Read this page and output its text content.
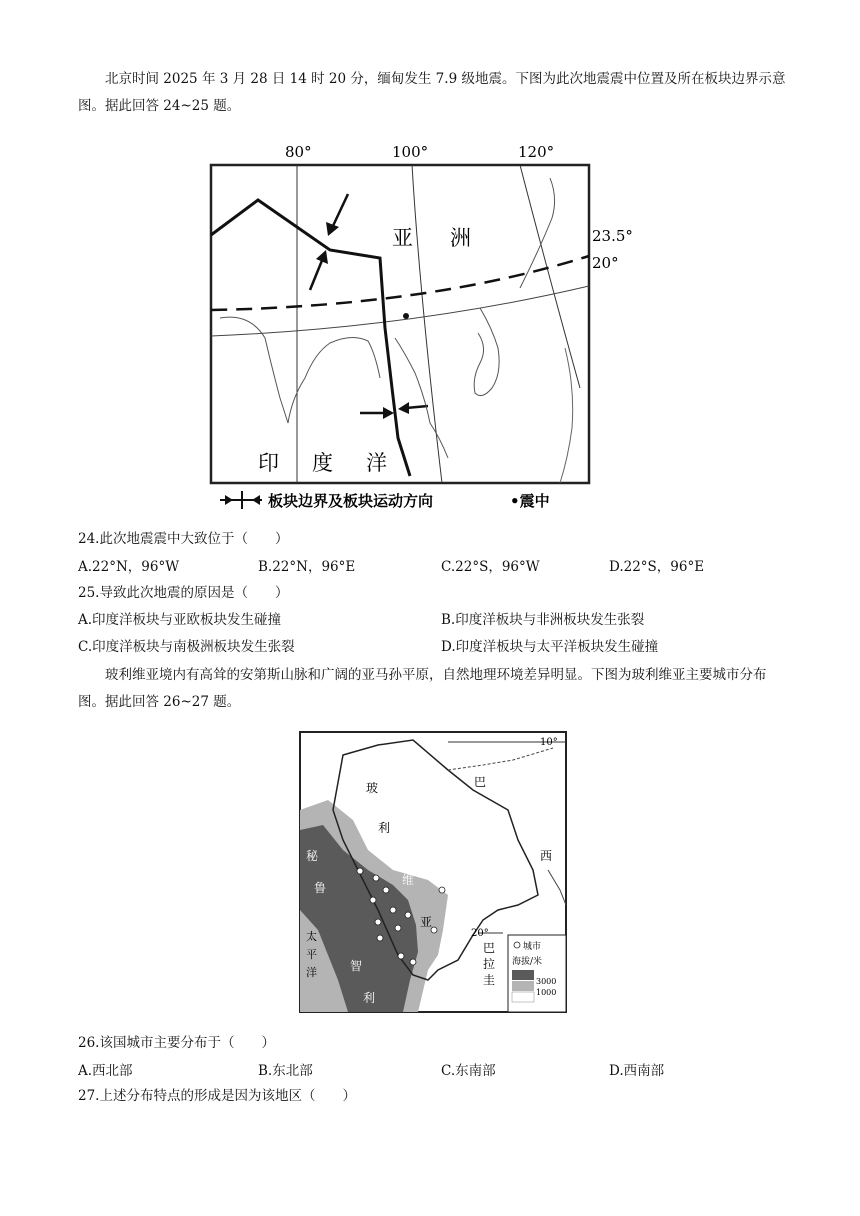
北京时间 2025 年 3 月 28 日 14 时 20 分，缅甸发生 7.9 级地震。下图为此次地震震中位置及所在板块边界示意图。据此回答 24~25 题。
80°	100°	120°
23.5°
20°
亚　洲
印　度　洋
板块边界及板块运动方向	•震中
24.此次地震震中大致位于（　　）
A.22°N，96°W	B.22°N，96°E	C.22°S，96°W	D.22°S，96°E
25.导致此次地震的原因是（　　）
A.印度洋板块与亚欧板块发生碰撞	B.印度洋板块与非洲板块发生张裂
C.印度洋板块与南极洲板块发生张裂	D.印度洋板块与太平洋板块发生碰撞
玻利维亚境内有高耸的安第斯山脉和广阔的亚马孙平原，自然地理环境差异明显。下图为玻利维亚主要城市分布图。据此回答 26~27 题。
10°
20°
玻
利
维
亚
巴
西
秘
鲁
巴
拉
圭
太
平
洋	智
利
城市
海拔/米
3000
1000
26.该国城市主要分布于（　　）
A.西北部	B.东北部	C.东南部	D.西南部
27.上述分布特点的形成是因为该地区（　　）
